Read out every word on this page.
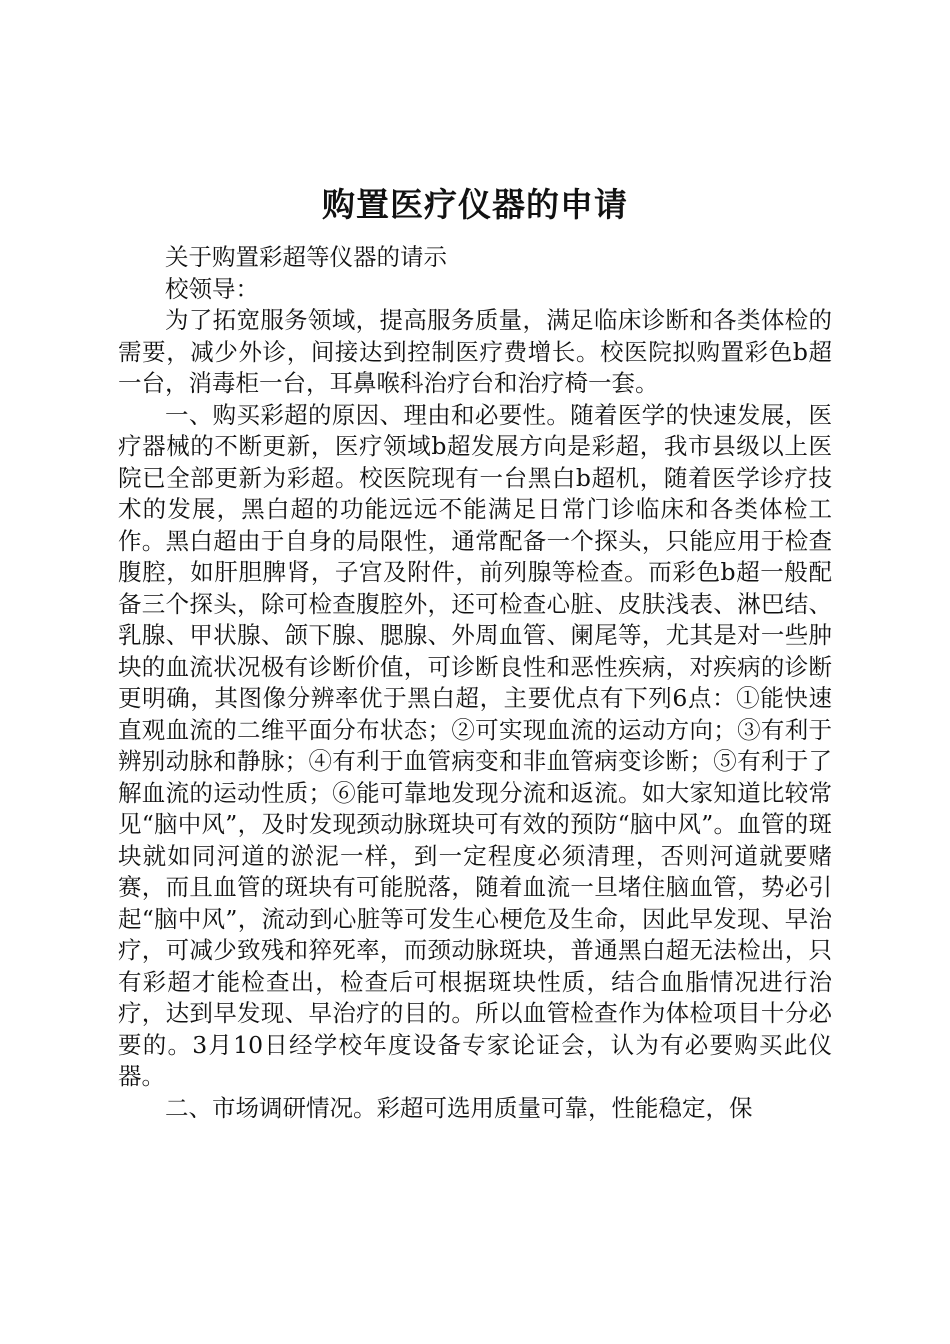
购置医疗仪器的申请

关于购置彩超等仪器的请示

校领导：

为了拓宽服务领域，提高服务质量，满足临床诊断和各类体检的需要，减少外诊，间接达到控制医疗费增长。校医院拟购置彩色b超一台，消毒柜一台，耳鼻喉科治疗台和治疗椅一套。

一、购买彩超的原因、理由和必要性。随着医学的快速发展，医疗器械的不断更新，医疗领域b超发展方向是彩超，我市县级以上医院已全部更新为彩超。校医院现有一台黑白b超机，随着医学诊疗技术的发展，黑白超的功能远远不能满足日常门诊临床和各类体检工作。黑白超由于自身的局限性，通常配备一个探头，只能应用于检查腹腔，如肝胆脾肾，子宫及附件，前列腺等检查。而彩色b超一般配备三个探头，除可检查腹腔外，还可检查心脏、皮肤浅表、淋巴结、乳腺、甲状腺、颌下腺、腮腺、外周血管、阑尾等，尤其是对一些肿块的血流状况极有诊断价值，可诊断良性和恶性疾病，对疾病的诊断更明确，其图像分辨率优于黑白超，主要优点有下列6点：①能快速直观血流的二维平面分布状态；②可实现血流的运动方向；③有利于辨别动脉和静脉；④有利于血管病变和非血管病变诊断；⑤有利于了解血流的运动性质；⑥能可靠地发现分流和返流。如大家知道比较常见“脑中风”，及时发现颈动脉斑块可有效的预防“脑中风”。血管的斑块就如同河道的淤泥一样，到一定程度必须清理，否则河道就要赌赛，而且血管的斑块有可能脱落，随着血流一旦堵住脑血管，势必引起“脑中风”，流动到心脏等可发生心梗危及生命，因此早发现、早治疗，可减少致残和猝死率，而颈动脉斑块，普通黑白超无法检出，只有彩超才能检查出，检查后可根据斑块性质，结合血脂情况进行治疗，达到早发现、早治疗的目的。所以血管检查作为体检项目十分必要的。3月10日经学校年度设备专家论证会，认为有必要购买此仪器。

二、市场调研情况。彩超可选用质量可靠，性能稳定，保
